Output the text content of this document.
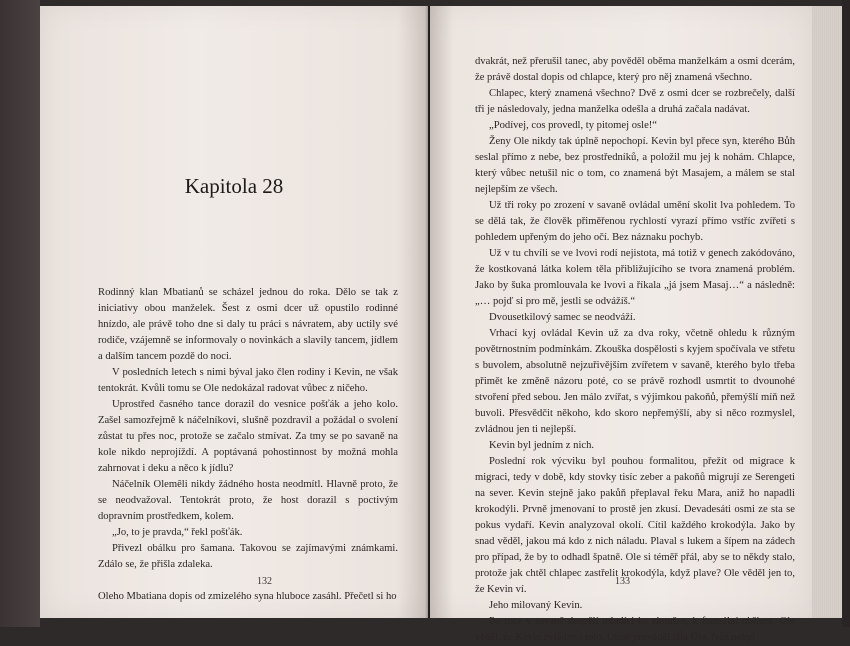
Kapitola 28

Rodinný klan Mbatianů se scházel jednou do roka. Dělo se tak z iniciativy obou manželek. Šest z osmi dcer už opustilo rodinné hnízdo, ale právě toho dne si daly tu práci s návratem, aby uctily své rodiče, vzájemně se informovaly o novinkách a slavily tancem, jídlem a dalším tancem pozdě do noci.

V posledních letech s nimi býval jako člen rodiny i Kevin, ne však tentokrát. Kvůli tomu se Ole nedokázal radovat vůbec z ničeho.

Uprostřed časného tance dorazil do vesnice pošťák a jeho kolo. Zašel samozřejmě k náčelníkovi, slušně pozdravil a požádal o svolení zůstat tu přes noc, protože se začalo stmívat. Za tmy se po savaně na kole nikdo neprojíždí. A poptávaná pohostinnost by možná mohla zahrnovat i deku a něco k jídlu?

Náčelník Olemêli nikdy žádného hosta neodmítl. Hlavně proto, že se neodvažoval. Tentokrát proto, že host dorazil s poctivým dopravním prostředkem, kolem.

„Jo, to je pravda,“ řekl pošťák.

Přivezl obálku pro šamana. Takovou se zajímavými známkami. Zdálo se, že přišla zdaleka.

Oleho Mbatiana dopis od zmizelého syna hluboce zasáhl. Přečetl si ho

132

dvakrát, než přerušil tanec, aby pověděl oběma manželkám a osmi dcerám, že právě dostal dopis od chlapce, který pro něj znamená všechno.

Chlapec, který znamená všechno? Dvě z osmi dcer se rozbrečely, další tři je následovaly, jedna manželka odešla a druhá začala nadávat.

„Podívej, cos provedl, ty pitomej osle!“

Ženy Ole nikdy tak úplně nepochopí. Kevin byl přece syn, kterého Bůh seslal přímo z nebe, bez prostředníků, a položil mu jej k nohám. Chlapce, který vůbec netušil nic o tom, co znamená být Masajem, a málem se stal nejlepším ze všech.

Už tři roky po zrození v savaně ovládal umění skolit lva pohledem. To se dělá tak, že člověk přiměřenou rychlostí vyrazí přímo vstříc zvířeti s pohledem upřeným do jeho očí. Bez náznaku pochyb.

Už v tu chvíli se ve lvovi rodí nejistota, má totiž v genech zakódováno, že kostkovaná látka kolem těla přibližujícího se tvora znamená problém. Jako by šuka promlouvala ke lvovi a říkala „já jsem Masaj…“ a následně: „… pojď si pro mě, jestli se odvážíš.“

Dvousetkilový samec se neodváží.

Vrhací kyj ovládal Kevin už za dva roky, včetně ohledu k různým povětrnostním podmínkám. Zkouška dospělosti s kyjem spočívala ve střetu s buvolem, absolutně nejzuřivějším zvířetem v savaně, kterého bylo třeba přimět ke změně názoru poté, co se právě rozhodl usmrtit to dvounohé stvoření před sebou. Jen málo zvířat, s výjimkou pakoňů, přemýšlí míň než buvoli. Přesvědčit někoho, kdo skoro nepřemýšlí, aby si něco rozmyslel, zvládnou jen ti nejlepší.

Kevin byl jedním z nich.

Poslední rok výcviku byl pouhou formalitou, přežít od migrace k migraci, tedy v době, kdy stovky tisíc zeber a pakoňů migrují ze Serengeti na sever. Kevin stejně jako pakůň přeplaval řeku Mara, aniž ho napadli krokodýli. Prvně jmenovaní to prostě jen zkusí. Devadesáti osmi ze sta se pokus vydaří. Kevin analyzoval okolí. Cítil každého krokodýla. Jako by snad věděl, jakou má kdo z nich náladu. Plaval s lukem a šípem na zádech pro případ, že by to odhadl špatně. Ole si téměř přál, aby se to někdy stalo, protože jak chtěl chlapec zastřelit krokodýla, když plave? Ole věděl jen to, že Kevin ví.

Jeho milovaný Kevin.

Po roce v savaně dospělí mladíci ke zkoušce, k formální obřízce. Ole věděl, že Kevin zvládne i toto. Úkon prováděl táta Ole. Nůž nebyl

133
